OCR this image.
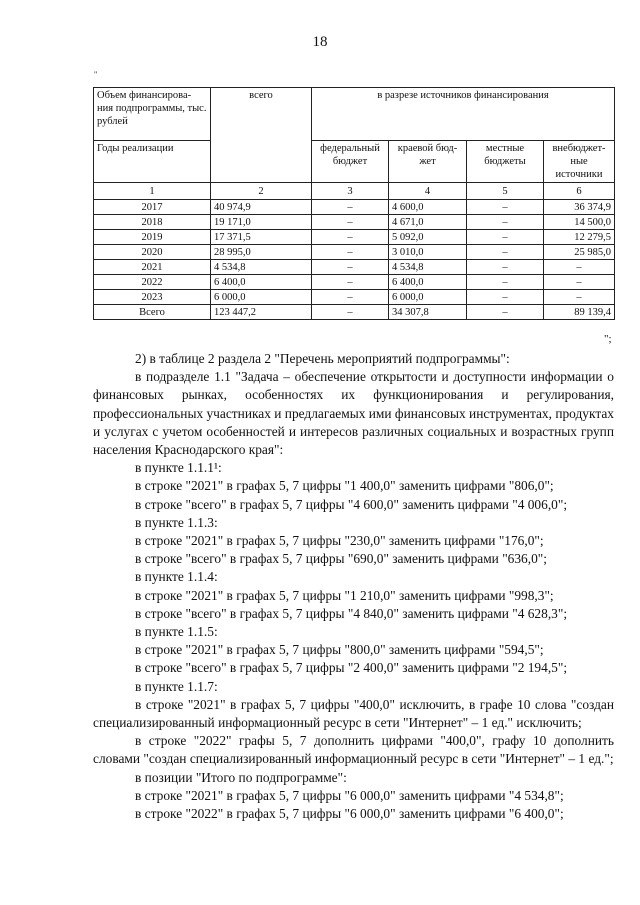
18
"
Объем финансирова-ния подпрограммы, тыс. рублей	всего	в разрезе источников финансирования			
Годы реализации		федеральный бюджет	краевой бюд-жет	местные бюджеты	внебюджет-ные источники
1	2	3	4	5	6
2017	40 974,9	–	4 600,0	–	36 374,9
2018	19 171,0	–	4 671,0	–	14 500,0
2019	17 371,5	–	5 092,0	–	12 279,5
2020	28 995,0	–	3 010,0	–	25 985,0
2021	4 534,8	–	4 534,8	–	–
2022	6 400,0	–	6 400,0	–	–
2023	6 000,0	–	6 000,0	–	–
Всего	123 447,2	–	34 307,8	–	89 139,4
";

2) в таблице 2 раздела 2 "Перечень мероприятий подпрограммы":

в подразделе 1.1 "Задача – обеспечение открытости и доступности информации о финансовых рынках, особенностях их функционирования и регулирования, профессиональных участниках и предлагаемых ими финансовых инструментах, продуктах и услугах с учетом особенностей и интересов различных социальных и возрастных групп населения Краснодарского края":

в пункте 1.1.1¹:

в строке "2021" в графах 5, 7 цифры "1 400,0" заменить цифрами "806,0";

в строке "всего" в графах 5, 7 цифры "4 600,0" заменить цифрами "4 006,0";

в пункте 1.1.3:

в строке "2021" в графах 5, 7 цифры "230,0" заменить цифрами "176,0";

в строке "всего" в графах 5, 7 цифры "690,0" заменить цифрами "636,0";

в пункте 1.1.4:

в строке "2021" в графах 5, 7 цифры "1 210,0" заменить цифрами "998,3";

в строке "всего" в графах 5, 7 цифры "4 840,0" заменить цифрами "4 628,3";

в пункте 1.1.5:

в строке "2021" в графах 5, 7 цифры "800,0" заменить цифрами "594,5";

в строке "всего" в графах 5, 7 цифры "2 400,0" заменить цифрами "2 194,5";

в пункте 1.1.7:

в строке "2021" в графах 5, 7 цифры "400,0" исключить, в графе 10 слова "создан специализированный информационный ресурс в сети "Интернет" – 1 ед." исключить;

в строке "2022" графы 5, 7 дополнить цифрами "400,0", графу 10 дополнить словами "создан специализированный информационный ресурс в сети "Интернет" – 1 ед.";

в позиции "Итого по подпрограмме":

в строке "2021" в графах 5, 7 цифры "6 000,0" заменить цифрами "4 534,8";

в строке "2022" в графах 5, 7 цифры "6 000,0" заменить цифрами "6 400,0";
